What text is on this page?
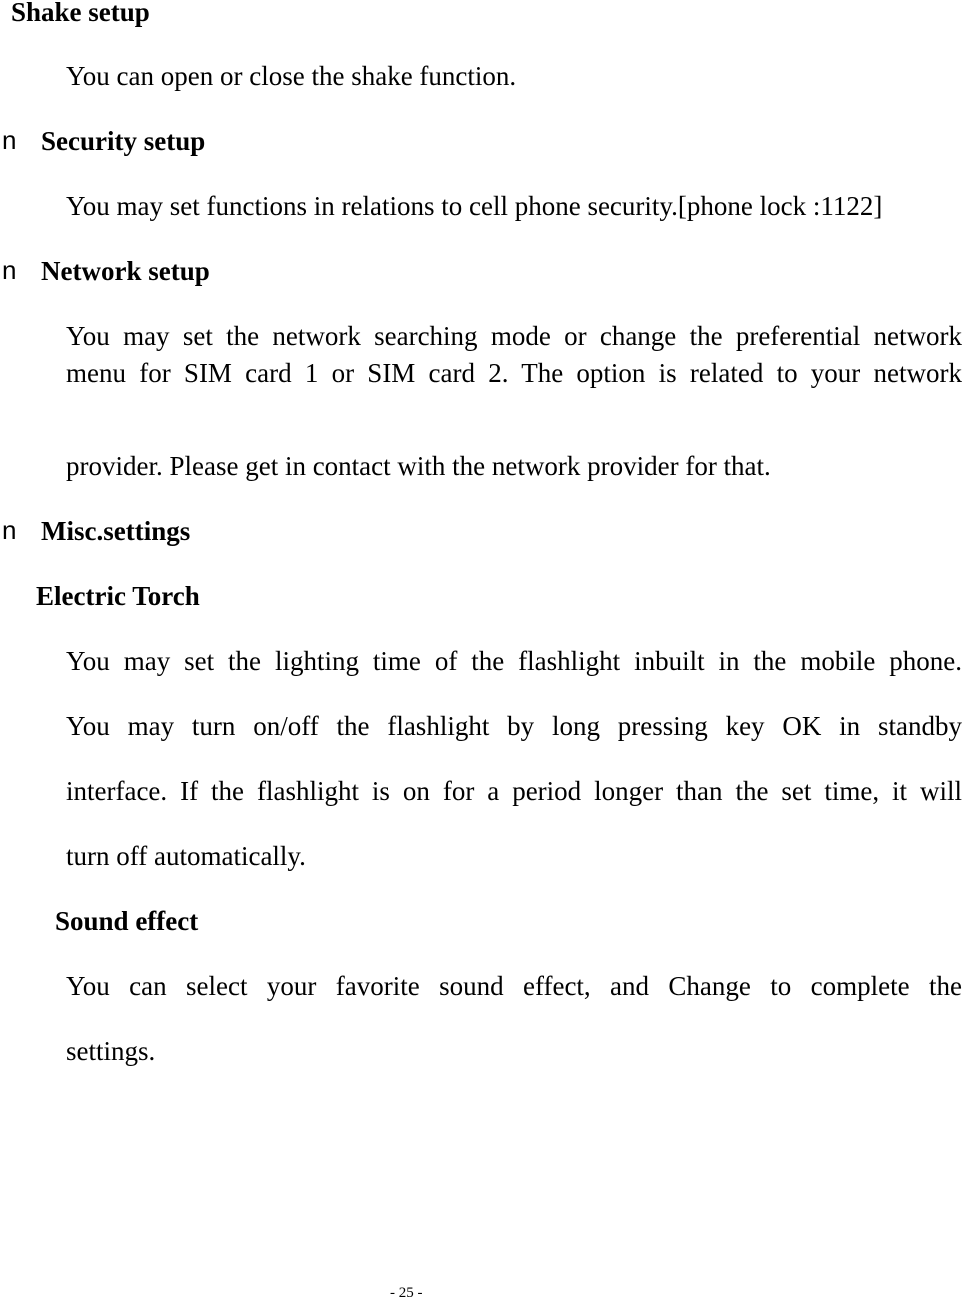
Shake setup
You can open or close the shake function.
n Security setup
You may set functions in relations to cell phone security.[phone lock :1122]
n Network setup
You may set the network searching mode or change the preferential network
menu for SIM card 1 or SIM card 2. The option is related to your network
provider. Please get in contact with the network provider for that.
n Misc.settings
Electric Torch
You may set the lighting time of the flashlight inbuilt in the mobile phone.
You may turn on/off the flashlight by long pressing key OK in standby
interface. If the flashlight is on for a period longer than the set time, it will
turn off automatically.
Sound effect
You can select your favorite sound effect, and Change to complete the
settings.
- 25 -
